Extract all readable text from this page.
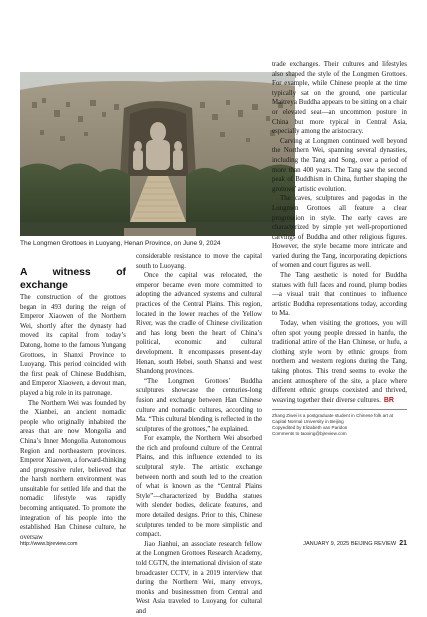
The Longmen Grottoes in Luoyang, Henan Province, on June 9, 2024
A witness of exchange

The construction of the grottoes began in 493 during the reign of Emperor Xiaowen of the Northern Wei, shortly after the dynasty had moved its capital from today’s Datong, home to the famous Yungang Grottoes, in Shanxi Province to Luoyang. This period coincided with the first peak of Chinese Buddhism, and Emperor Xiaowen, a devout man, played a big role in its patronage.

The Northern Wei was founded by the Xianbei, an ancient nomadic people who originally inhabited the areas that are now Mongolia and China’s Inner Mongolia Autonomous Region and northeastern provinces. Emperor Xiaowen, a forward-thinking and progressive ruler, believed that the harsh northern environment was unsuitable for settled life and that the nomadic lifestyle was rapidly becoming antiquated. To promote the integration of his people into the established Han Chinese culture, he oversaw

considerable resistance to move the capital south to Luoyang.

Once the capital was relocated, the emperor became even more committed to adopting the advanced systems and cultural practices of the Central Plains. This region, located in the lower reaches of the Yellow River, was the cradle of Chinese civilization and has long been the heart of China’s political, economic and cultural development. It encompasses present-day Henan, south Hebei, south Shanxi and west Shandong provinces.

“The Longmen Grottoes’ Buddha sculptures showcase the centuries-long fusion and exchange between Han Chinese culture and nomadic cultures, according to Ma. “This cultural blending is reflected in the sculptures of the grottoes,” he explained.

For example, the Northern Wei absorbed the rich and profound culture of the Central Plains, and this influence extended to its sculptural style. The artistic exchange between north and south led to the creation of what is known as the “Central Plains Style”—characterized by Buddha statues with slender bodies, delicate features, and more detailed designs. Prior to this, Chinese sculptures tended to be more simplistic and compact.

Jiao Jianhui, an associate research fellow at the Longmen Grottoes Research Academy, told CGTN, the international division of state broadcaster CCTV, in a 2019 interview that during the Northern Wei, many envoys, monks and businessmen from Central and West Asia traveled to Luoyang for cultural and

trade exchanges. Their cultures and lifestyles also shaped the style of the Longmen Grottoes. For example, while Chinese people at the time typically sat on the ground, one particular Maitreya Buddha appears to be sitting on a chair or elevated seat—an uncommon posture in China but more typical in Central Asia, especially among the aristocracy.

Carving at Longmen continued well beyond the Northern Wei, spanning several dynasties, including the Tang and Song, over a period of more than 400 years. The Tang saw the second peak of Buddhism in China, further shaping the grottoes’ artistic evolution.

The caves, sculptures and pagodas in the Longmen Grottoes all feature a clear progression in style. The early caves are characterized by simple yet well-proportioned carvings of Buddha and other religious figures. However, the style became more intricate and varied during the Tang, incorporating depictions of women and court figures as well.

The Tang aesthetic is noted for Buddha statues with full faces and round, plump bodies—a visual trait that continues to influence artistic Buddha representations today, according to Ma.

Today, when visiting the grottoes, you will often spot young people dressed in hanfu, the traditional attire of the Han Chinese, or hufu, a clothing style worn by ethnic groups from northern and western regions during the Tang, taking photos. This trend seems to evoke the ancient atmosphere of the site, a place where different ethnic groups coexisted and thrived, weaving together their diverse cultures. BR

Zhang Ziwei is a postgraduate student in Chinese folk art at Capital Normal University in Beijing
Copyedited by Elizabeth van Paridon
Comments to taoxing@bjreview.com
http://www.bjreview.com	JANUARY 9, 2025 BEIJING REVIEW 21
